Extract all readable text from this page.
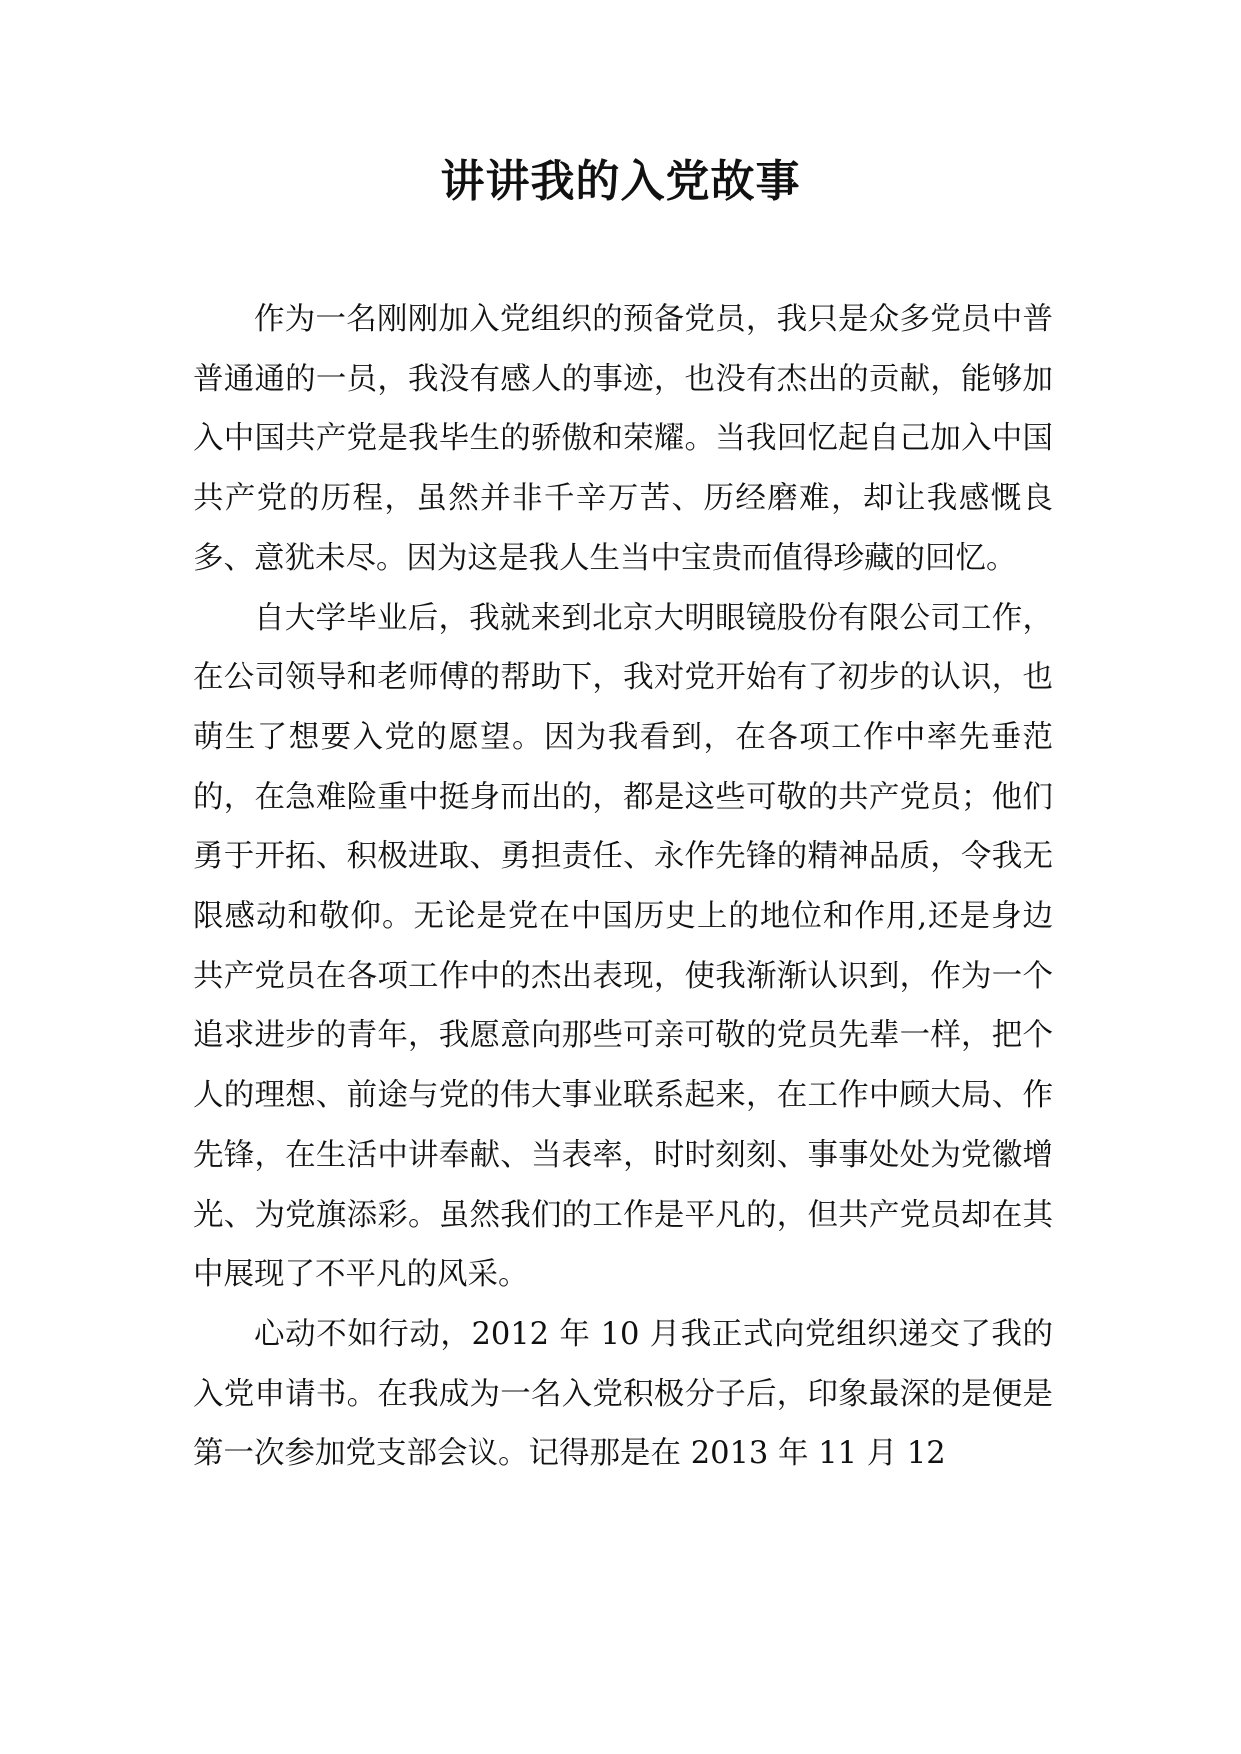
讲讲我的入党故事

作为一名刚刚加入党组织的预备党员，我只是众多党员中普普通通的一员，我没有感人的事迹，也没有杰出的贡献，能够加入中国共产党是我毕生的骄傲和荣耀。当我回忆起自己加入中国共产党的历程，虽然并非千辛万苦、历经磨难，却让我感慨良多、意犹未尽。因为这是我人生当中宝贵而值得珍藏的回忆。

自大学毕业后，我就来到北京大明眼镜股份有限公司工作，在公司领导和老师傅的帮助下，我对党开始有了初步的认识，也萌生了想要入党的愿望。因为我看到，在各项工作中率先垂范的，在急难险重中挺身而出的，都是这些可敬的共产党员；他们勇于开拓、积极进取、勇担责任、永作先锋的精神品质，令我无限感动和敬仰。无论是党在中国历史上的地位和作用,还是身边共产党员在各项工作中的杰出表现，使我渐渐认识到，作为一个追求进步的青年，我愿意向那些可亲可敬的党员先辈一样，把个人的理想、前途与党的伟大事业联系起来，在工作中顾大局、作先锋，在生活中讲奉献、当表率，时时刻刻、事事处处为党徽增光、为党旗添彩。虽然我们的工作是平凡的，但共产党员却在其中展现了不平凡的风采。

心动不如行动，2012 年 10 月我正式向党组织递交了我的入党申请书。在我成为一名入党积极分子后，印象最深的是便是第一次参加党支部会议。记得那是在 2013 年 11 月 12
